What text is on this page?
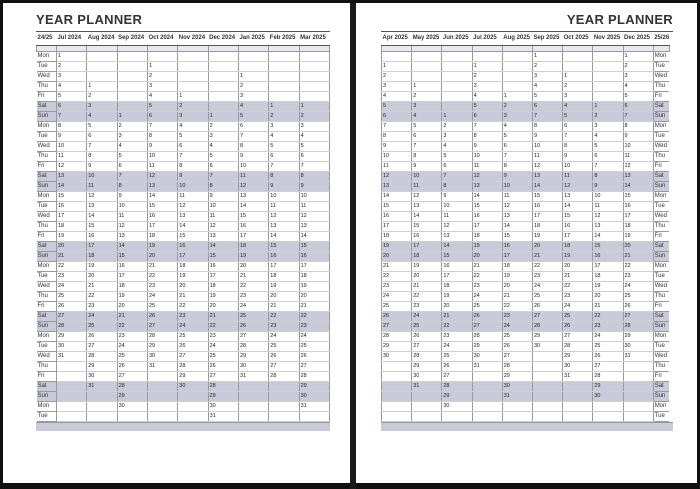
YEAR PLANNER
24/25	Jul 2024	Aug 2024	Sep 2024	Oct 2024	Nov 2024	Dec 2024	Jan 2025	Feb 2025	Mar 2025

Mon	1								
Tue	2			1					
Wed	3			2			1		
Thu	4	1		3			2		
Fri	5	2		4	1		3		
Sat	6	3		5	2		4	1	1
Sun	7	4	1	6	3	1	5	2	2
Mon	8	5	2	7	4	2	6	3	3
Tue	9	6	3	8	5	3	7	4	4
Wed	10	7	4	9	6	4	8	5	5
Thu	11	8	5	10	7	5	9	6	6
Fri	12	9	6	11	8	6	10	7	7
Sat	13	10	7	12	9	7	11	8	8
Sun	14	11	8	13	10	8	12	9	9
Mon	15	12	9	14	11	9	13	10	10
Tue	16	13	10	15	12	10	14	11	11
Wed	17	14	11	16	13	11	15	12	12
Thu	18	15	12	17	14	12	16	13	13
Fri	19	16	13	18	15	13	17	14	14
Sat	20	17	14	19	16	14	18	15	15
Sun	21	18	15	20	17	15	19	16	16
Mon	22	19	16	21	18	16	20	17	17
Tue	23	20	17	22	19	17	21	18	18
Wed	24	21	18	23	20	18	22	19	19
Thu	25	22	19	24	21	19	23	20	20
Fri	26	23	20	25	22	20	24	21	21
Sat	27	24	21	26	23	21	25	22	22
Sun	28	25	22	27	24	22	26	23	23
Mon	29	26	23	28	25	23	27	24	24
Tue	30	27	24	29	26	24	28	25	25
Wed	31	28	25	30	27	25	29	26	26
Thu		29	26	31	28	26	30	27	27
Fri		30	27		29	27	31	28	28
Sat		31	28		30	28			29
Sun			29			29			30
Mon			30			30			31
Tue						31			
YEAR PLANNER
Apr 2025	May 2025	Jun 2025	Jul 2025	Aug 2025	Sep 2025	Oct 2025	Nov 2025	Dec 2025	25/26

					1			1	Mon
1			1		2			2	Tue
2			2		3	1		3	Wed
3	1		3		4	2		4	Thu
4	2		4	1	5	3		5	Fri
5	3		5	2	6	4	1	6	Sat
6	4	1	6	3	7	5	2	7	Sun
7	5	2	7	4	8	6	3	8	Mon
8	6	3	8	5	9	7	4	9	Tue
9	7	4	9	6	10	8	5	10	Wed
10	8	5	10	7	11	9	6	11	Thu
11	9	6	11	8	12	10	7	12	Fri
12	10	7	12	9	13	11	8	13	Sat
13	11	8	13	10	14	12	9	14	Sun
14	12	9	14	11	15	13	10	15	Mon
15	13	10	15	12	16	14	11	16	Tue
16	14	11	16	13	17	15	12	17	Wed
17	15	12	17	14	18	16	13	18	Thu
18	16	13	18	15	19	17	14	19	Fri
19	17	14	19	16	20	18	15	20	Sat
20	18	15	20	17	21	19	16	21	Sun
21	19	16	21	18	22	20	17	22	Mon
22	20	17	22	19	23	21	18	23	Tue
23	21	18	23	20	24	22	19	24	Wed
24	22	19	24	21	25	23	20	25	Thu
25	23	20	25	22	26	24	21	26	Fri
26	24	21	26	23	27	25	22	27	Sat
27	25	22	27	24	28	26	23	28	Sun
28	26	23	28	25	29	27	24	29	Mon
29	27	24	29	26	30	28	25	30	Tue
30	28	25	30	27		29	26	31	Wed
	29	26	31	28		30	27		Thu
	30	27		29		31	28		Fri
	31	28		30			29		Sat
		29		31			30		Sun
		30							Mon
									Tue
